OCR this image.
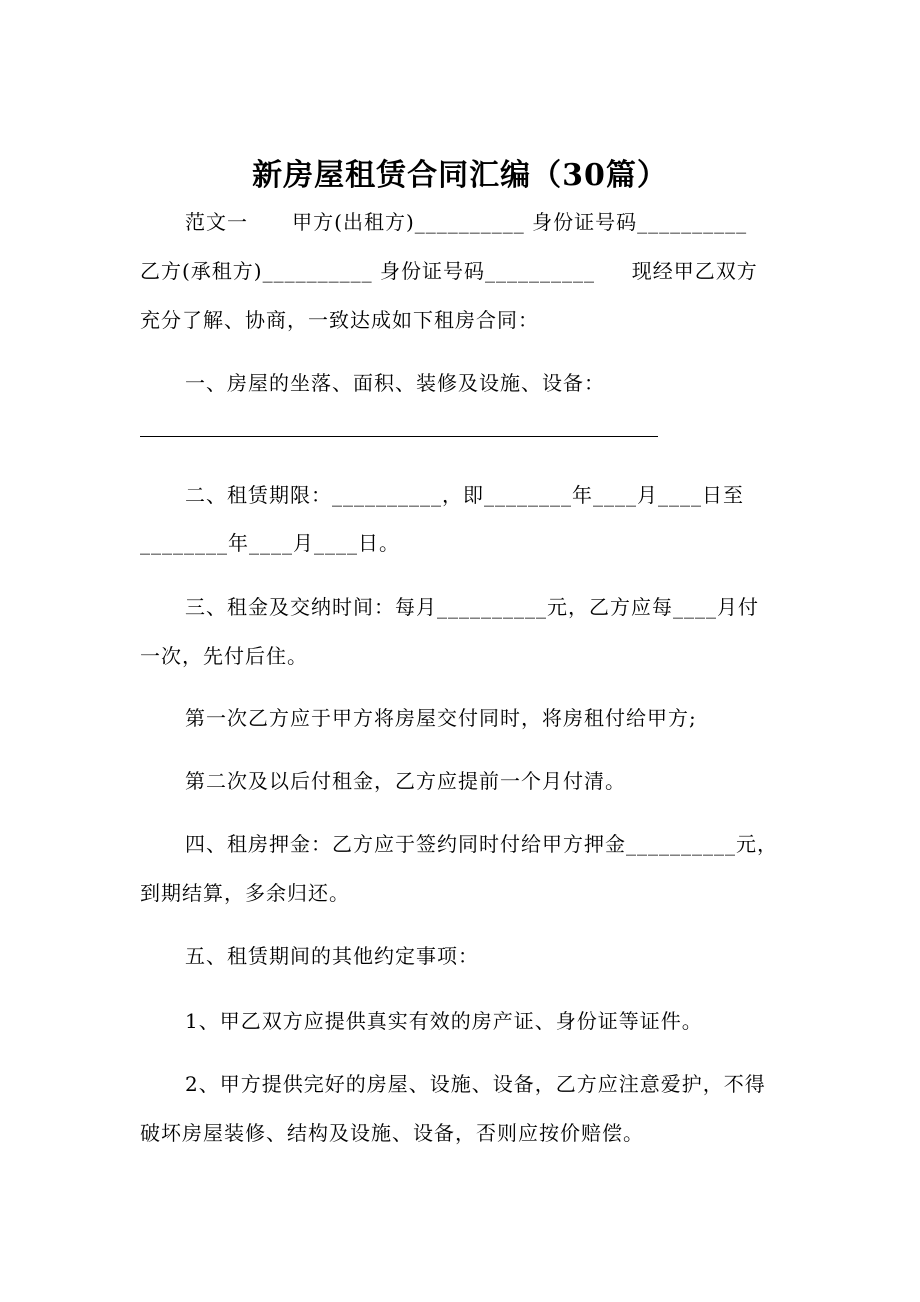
新房屋租赁合同汇编（30篇）
范文一      甲方(出租方)__________ 身份证号码__________
乙方(承租方)__________ 身份证号码__________     现经甲乙双方
充分了解、协商，一致达成如下租房合同：
一、房屋的坐落、面积、装修及设施、设备：
二、租赁期限：__________，即________年____月____日至
________年____月____日。
三、租金及交纳时间：每月__________元，乙方应每____月付
一次，先付后住。
第一次乙方应于甲方将房屋交付同时，将房租付给甲方;
第二次及以后付租金，乙方应提前一个月付清。
四、租房押金：乙方应于签约同时付给甲方押金__________元，
到期结算，多余归还。
五、租赁期间的其他约定事项：
1、甲乙双方应提供真实有效的房产证、身份证等证件。
2、甲方提供完好的房屋、设施、设备，乙方应注意爱护，不得
破坏房屋装修、结构及设施、设备，否则应按价赔偿。
